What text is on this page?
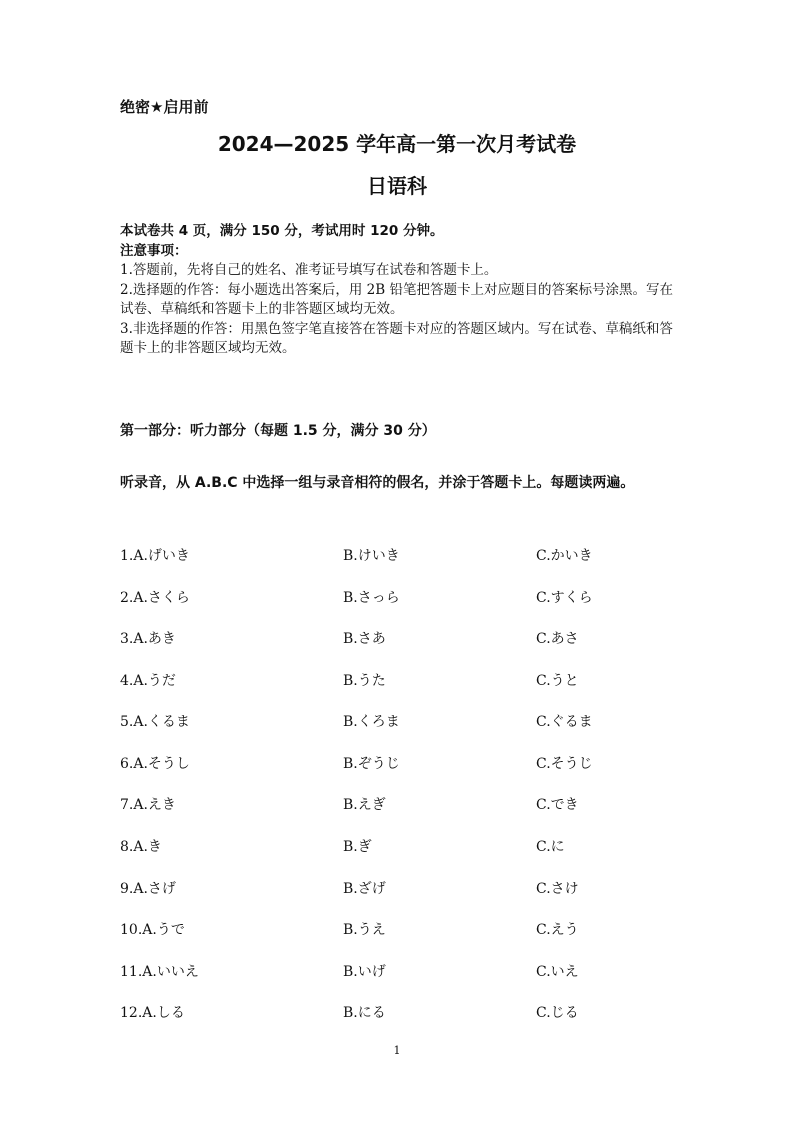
绝密★启用前
2024—2025 学年高一第一次月考试卷
日语科

本试卷共 4 页，满分 150 分，考试用时 120 分钟。

注意事项：

1.答题前，先将自己的姓名、准考证号填写在试卷和答题卡上。

2.选择题的作答：每小题选出答案后，用 2B 铅笔把答题卡上对应题目的答案标号涂黑。写在试卷、草稿纸和答题卡上的非答题区域均无效。

3.非选择题的作答：用黑色签字笔直接答在答题卡对应的答题区域内。写在试卷、草稿纸和答题卡上的非答题区域均无效。

第一部分：听力部分（每题 1.5 分，满分 30 分）
听录音，从 A.B.C 中选择一组与录音相符的假名，并涂于答题卡上。每题读两遍。
1.A.げいき	B.けいき	C.かいき
2.A.さくら	B.さっら	C.すくら
3.A.あき	B.さあ	C.あさ
4.A.うだ	B.うた	C.うと
5.A.くるま	B.くろま	C.ぐるま
6.A.そうし	B.ぞうじ	C.そうじ
7.A.えき	B.えぎ	C.でき
8.A.き	B.ぎ	C.に
9.A.さげ	B.ざげ	C.さけ
10.A.うで	B.うえ	C.えう
11.A.いいえ	B.いげ	C.いえ
12.A.しる	B.にる	C.じる
1
